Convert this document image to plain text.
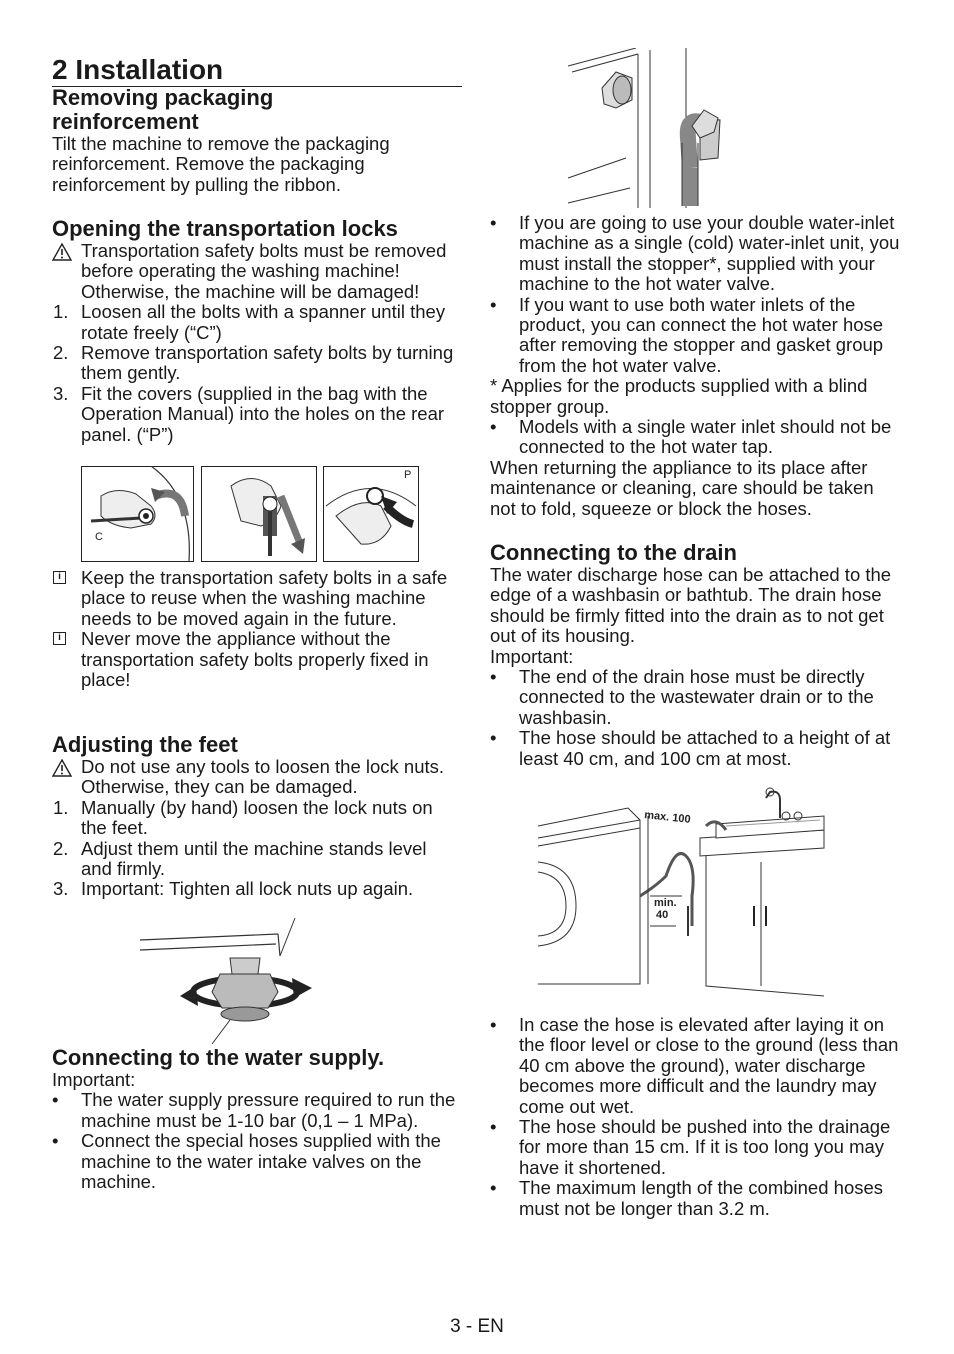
2 Installation
Removing packaging
reinforcement

Tilt the machine to remove the packaging reinforcement. Remove the packaging reinforcement by pulling the ribbon.

Opening the transportation locks
Transportation safety bolts must be removed before operating the washing machine! Otherwise, the machine will be damaged!
1. Loosen all the bolts with a spanner until they rotate freely (“C”)
2. Remove transportation safety bolts by turning them gently.
3. Fit the covers (supplied in the bag with the Operation Manual) into the holes on the rear panel. (“P”)
C
P
i Keep the transportation safety bolts in a safe place to reuse when the washing machine needs to be moved again in the future.
i Never move the appliance without the transportation safety bolts properly fixed in place!
Adjusting the feet
Do not use any tools to loosen the lock nuts. Otherwise, they can be damaged.
1. Manually (by hand) loosen the lock nuts on the feet.
2. Adjust them until the machine stands level and firmly.
3. Important: Tighten all lock nuts up again.
Connecting to the water supply.

Important:

•	The water supply pressure required to run the machine must be 1-10 bar (0,1 – 1 MPa).
•	Connect the special hoses supplied with the machine to the water intake valves on the machine.
•	If you are going to use your double water-inlet machine as a single (cold) water-inlet unit, you must install the stopper*, supplied with your machine to the hot water valve.
•	If you want to use both water inlets of the product, you can connect the hot water hose after removing the stopper and gasket group from the hot water valve.

* Applies for the products supplied with a blind stopper group.

•	Models with a single water inlet should not be connected to the hot water tap.

When returning the appliance to its place after maintenance or cleaning, care should be taken not to fold, squeeze or block the hoses.

Connecting to the drain

The water discharge hose can be attached to the edge of a washbasin or bathtub. The drain hose should be firmly fitted into the drain as to not get out of its housing.

Important:

•	The end of the drain hose must be directly connected to the wastewater drain or to the washbasin.
•	The hose should be attached to a height of at least 40 cm, and 100 cm at most.
max. 100
min.
40
•	In case the hose is elevated after laying it on the floor level or close to the ground (less than 40 cm above the ground), water discharge becomes more difficult and the laundry may come out wet.
•	The hose should be pushed into the drainage for more than 15 cm. If it is too long you may have it shortened.
•	The maximum length of the combined hoses must not be longer than 3.2 m.
3 - EN
